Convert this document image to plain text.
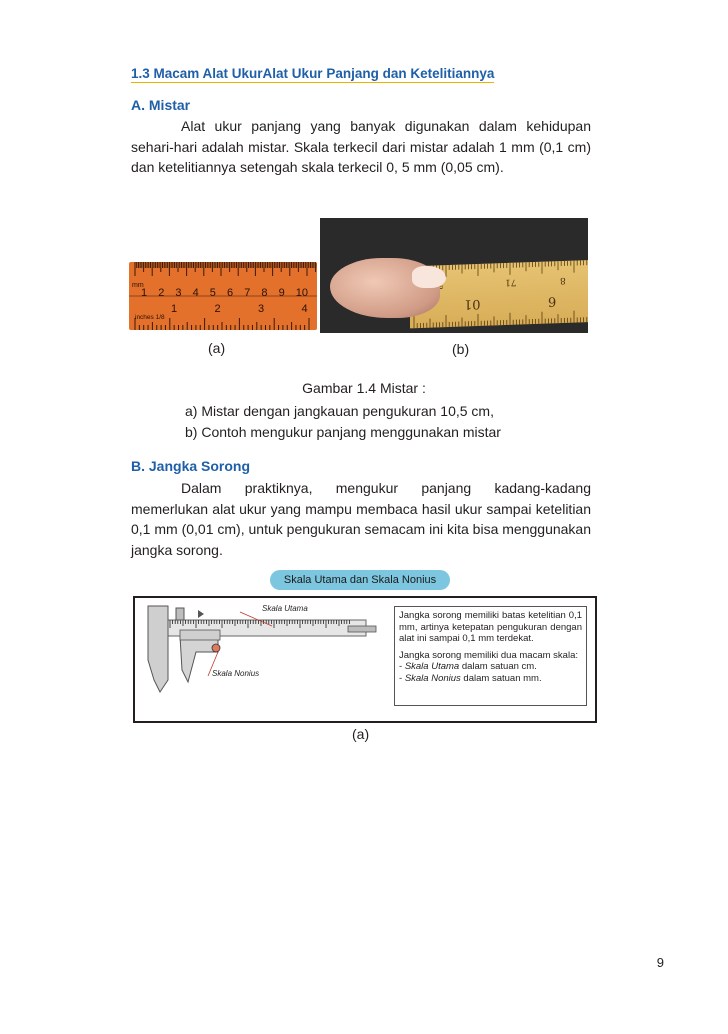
1.3 Macam Alat UkurAlat Ukur Panjang dan Ketelitiannya
A. Mistar
Alat ukur panjang yang banyak digunakan dalam kehidupan sehari-hari adalah mistar. Skala terkecil dari mistar adalah 1 mm (0,1 cm) dan ketelitiannya setengah skala terkecil 0, 5 mm (0,05 cm).
mm
1 2 3 4 5 6 7 8 9 10
1	2	3	4
inches 1/8
71	8
01	6
(a)	(b)
Gambar 1.4 Mistar :
a) Mistar dengan jangkauan pengukuran 10,5 cm,
b) Contoh mengukur panjang menggunakan mistar
B. Jangka Sorong
Dalam praktiknya, mengukur panjang kadang-kadang memerlukan alat ukur yang mampu membaca hasil ukur sampai ketelitian 0,1 mm (0,01 cm), untuk pengukuran semacam ini kita bisa menggunakan jangka sorong.
Skala Utama dan Skala Nonius
Skala Utama
Skala Nonius

Jangka sorong memiliki batas ketelitian 0,1 mm, artinya ketepatan pengukuran dengan alat ini sampai 0,1 mm terdekat.

Jangka sorong memiliki dua macam skala:

- Skala Utama dalam satuan cm.
- Skala Nonius dalam satuan mm.
(a)
9
